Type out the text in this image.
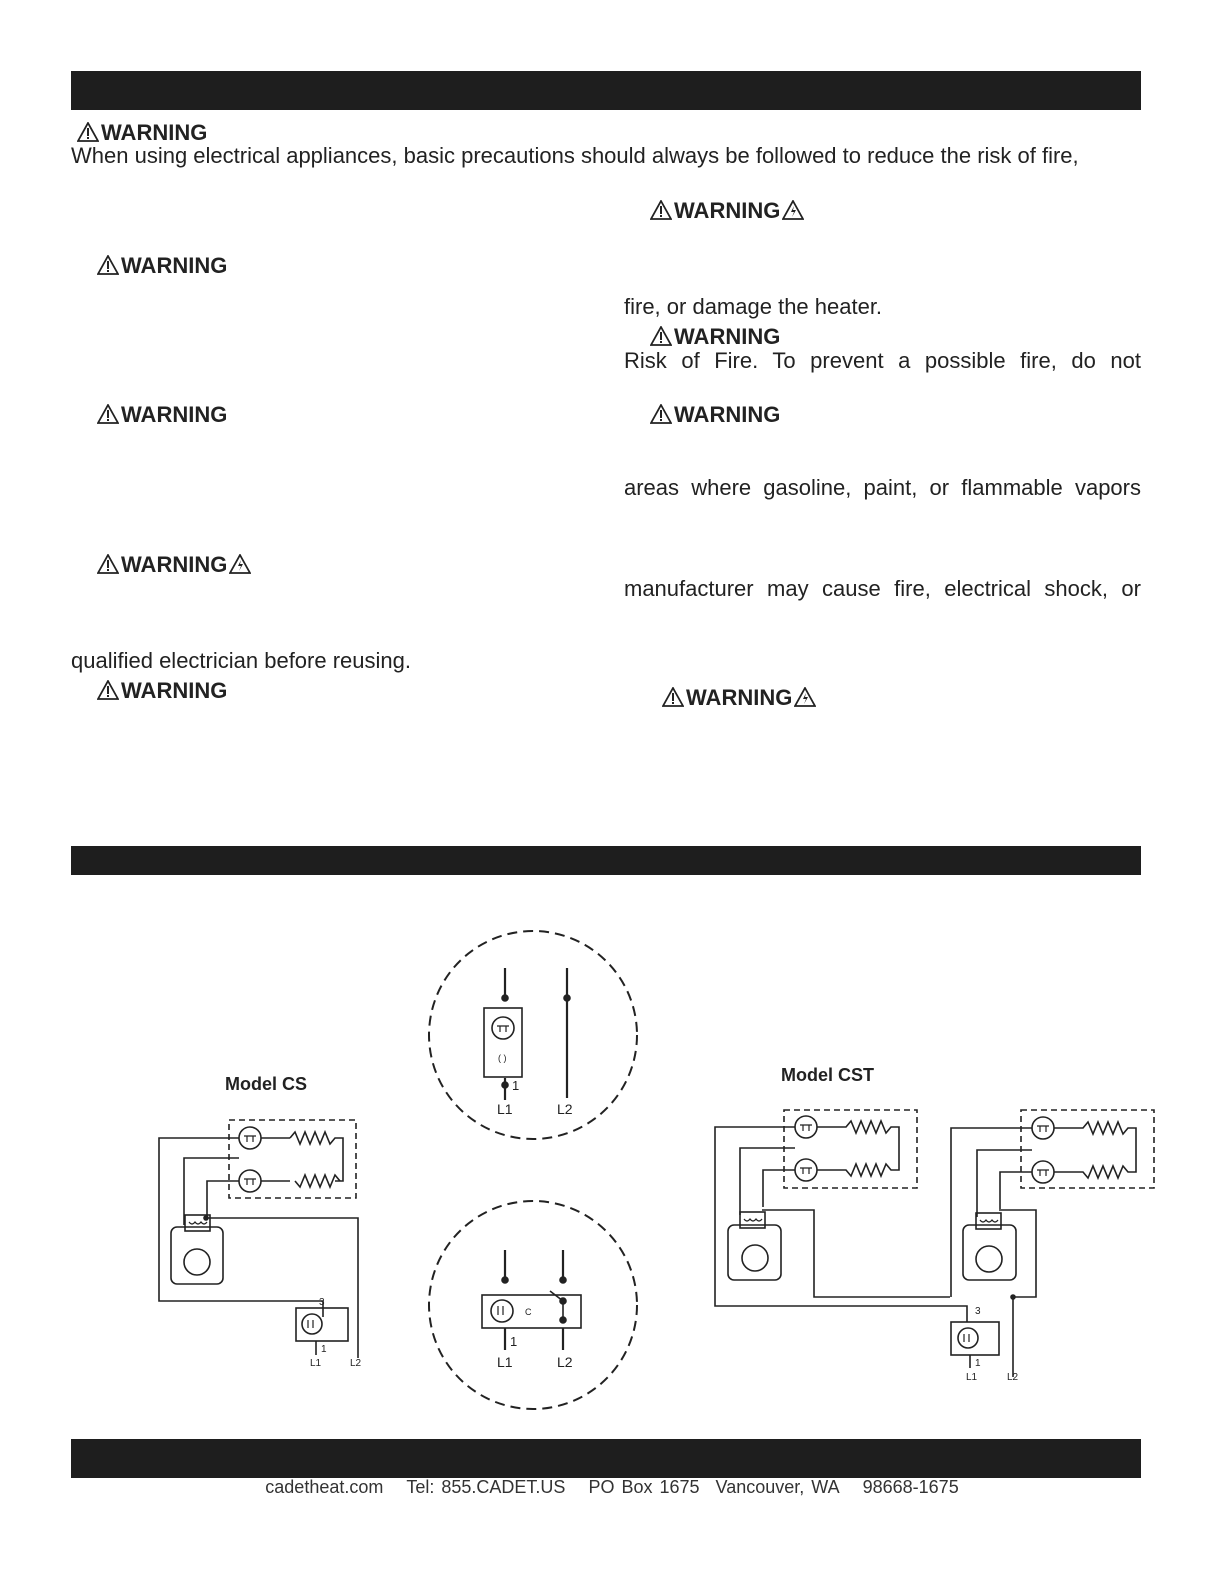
WARNING
When using electrical appliances, basic precautions should always be followed to reduce the risk of fire,
WARNING
WARNING
WARNING
qualified electrician before reusing.
WARNING
WARNING
fire, or damage the heater.
WARNING
Risk of Fire. To prevent a possible fire, do not
WARNING
areas where gasoline, paint, or flammable vapors
manufacturer may cause fire, electrical shock, or
WARNING
Model CS
3
1
L1	L2
( )
1
L1	L2
C
1
L1	L2
Model CST
3
1
L1	L2
cadetheat.com Tel: 855.CADET.US PO Box 1675 Vancouver, WA 98668-1675
